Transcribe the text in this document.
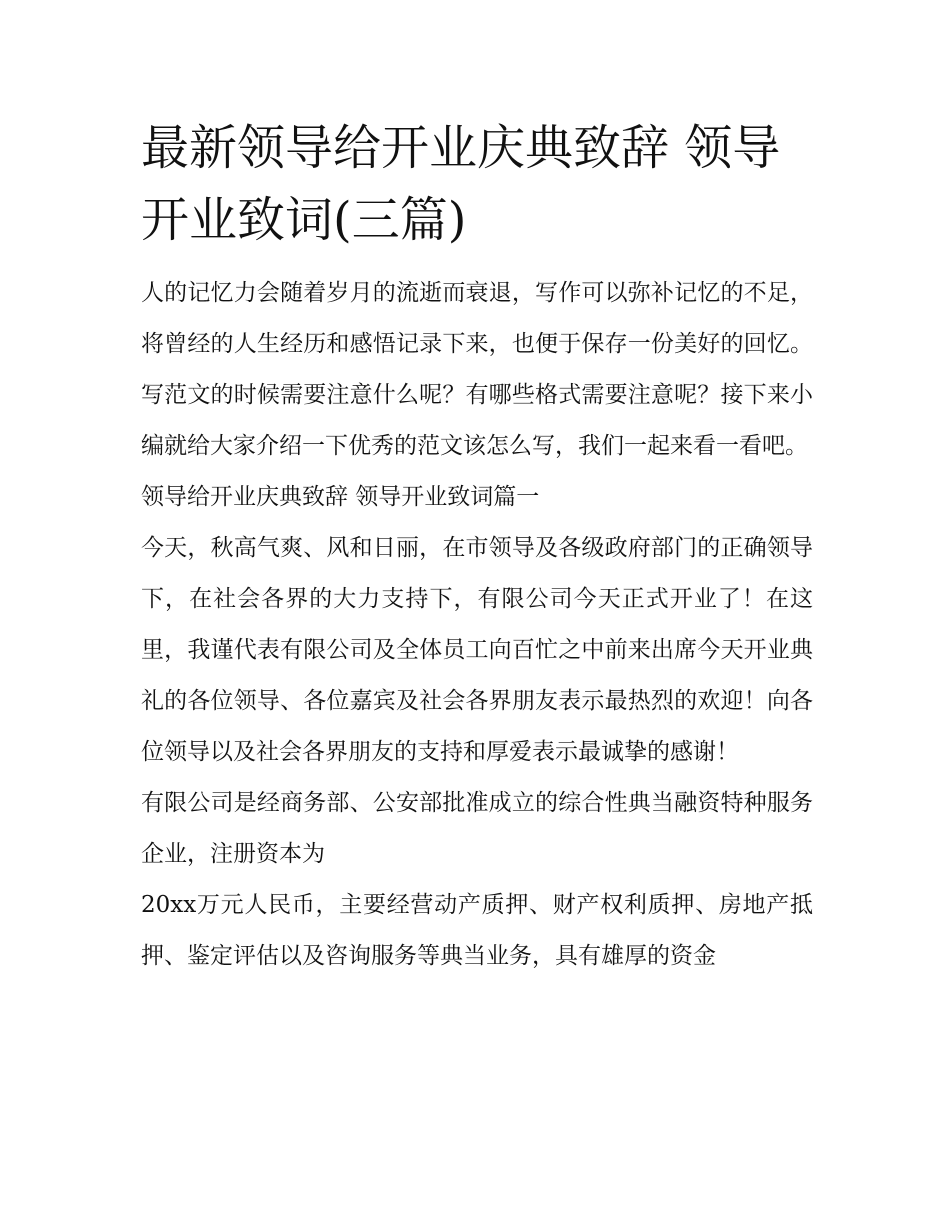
最新领导给开业庆典致辞 领导开业致词(三篇)

人的记忆力会随着岁月的流逝而衰退，写作可以弥补记忆的不足，将曾经的人生经历和感悟记录下来，也便于保存一份美好的回忆。写范文的时候需要注意什么呢？有哪些格式需要注意呢？接下来小编就给大家介绍一下优秀的范文该怎么写，我们一起来看一看吧。

领导给开业庆典致辞 领导开业致词篇一

今天，秋高气爽、风和日丽，在市领导及各级政府部门的正确领导下，在社会各界的大力支持下，有限公司今天正式开业了！在这里，我谨代表有限公司及全体员工向百忙之中前来出席今天开业典礼的各位领导、各位嘉宾及社会各界朋友表示最热烈的欢迎！向各位领导以及社会各界朋友的支持和厚爱表示最诚挚的感谢！

有限公司是经商务部、公安部批准成立的综合性典当融资特种服务企业，注册资本为

20xx万元人民币，主要经营动产质押、财产权利质押、房地产抵押、鉴定评估以及咨询服务等典当业务，具有雄厚的资金
